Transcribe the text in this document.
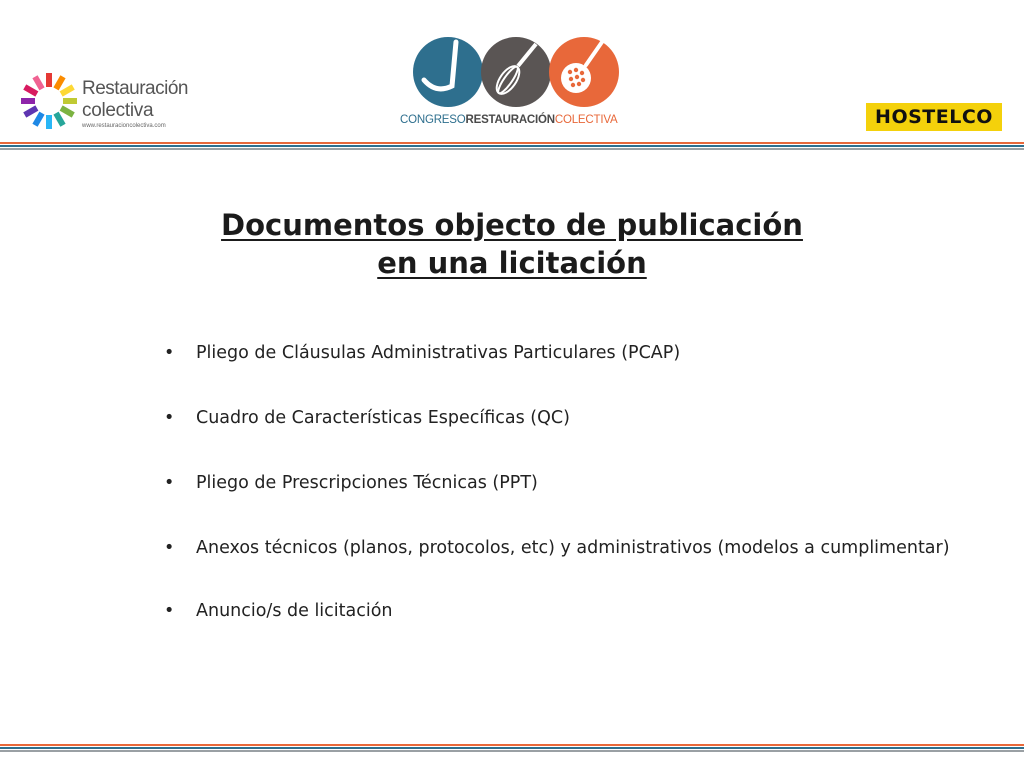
Restauración
colectiva
www.restauracioncolectiva.com	CONGRESORESTAURACIÓNCOLECTIVA	HOSTELCO
Documentos objecto de publicación
en una licitación
• Pliego de Cláusulas Administrativas Particulares (PCAP)
• Cuadro de Características Específicas (QC)
• Pliego de Prescripciones Técnicas (PPT)
• Anexos técnicos (planos, protocolos, etc) y administrativos (modelos a cumplimentar)
• Anuncio/s de licitación
